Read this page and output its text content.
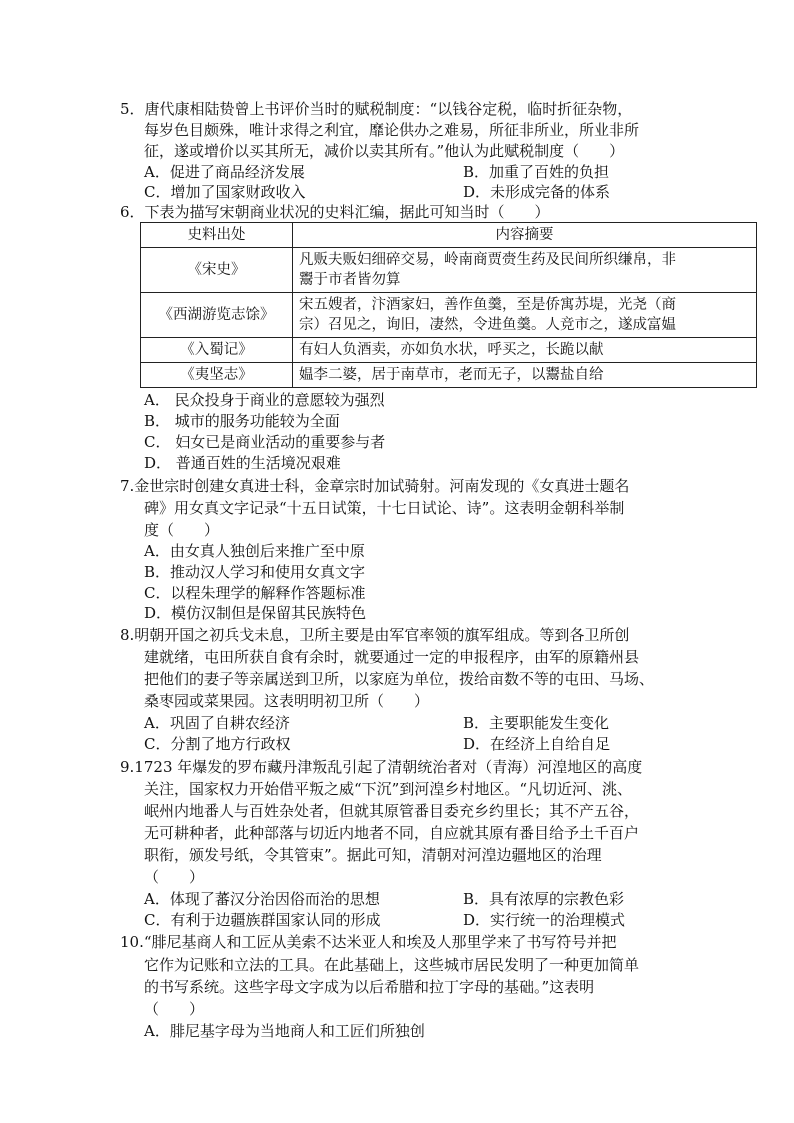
5．唐代康相陆贽曾上书评价当时的赋税制度：“以钱谷定税，临时折征杂物，
每岁色目颇殊，唯计求得之利宜，靡论供办之难易，所征非所业，所业非所
征，遂或增价以买其所无，减价以卖其所有。”他认为此赋税制度（　　）
A．促进了商品经济发展	B．加重了百姓的负担
C．增加了国家财政收入	D．未形成完备的体系
6．下表为描写宋朝商业状况的史料汇编，据此可知当时（　　）
史料出处	内容摘要
《宋史》	凡贩夫贩妇细碎交易，岭南商贾赍生药及民间所织缣帛，非
鬻于市者皆勿算

《西湖游览志馀》	宋五嫂者，汴酒家妇，善作鱼羹，至是侨寓苏堤，光尧（商
宗）召见之，询旧，凄然，令进鱼羹。人竞市之，遂成富媪

《入蜀记》	有妇人负酒卖，亦如负水状，呼买之，长跪以献
《夷坚志》	媪李二婆，居于南草市，老而无子，以鬻盐自给
A． 民众投身于商业的意愿较为强烈
B． 城市的服务功能较为全面
C． 妇女已是商业活动的重要参与者
D． 普通百姓的生活境况艰难
7.金世宗时创建女真进士科，金章宗时加试骑射。河南发现的《女真进士题名
碑》用女真文字记录“十五日试策，十七日试论、诗”。这表明金朝科举制
度（　　）
A．由女真人独创后来推广至中原
B．推动汉人学习和使用女真文字
C．以程朱理学的解释作答题标准
D．模仿汉制但是保留其民族特色
8.明朝开国之初兵戈未息，卫所主要是由军官率领的旗军组成。等到各卫所创
建就绪，屯田所获自食有余时，就要通过一定的申报程序，由军的原籍州县
把他们的妻子等亲属送到卫所，以家庭为单位，拨给亩数不等的屯田、马场、
桑枣园或菜果园。这表明明初卫所（　　）
A．巩固了自耕农经济	B．主要职能发生变化
C．分割了地方行政权	D．在经济上自给自足
9.1723 年爆发的罗布藏丹津叛乱引起了清朝统治者对（青海）河湟地区的高度
关注，国家权力开始借平叛之威“下沉”到河湟乡村地区。“凡切近河、洮、
岷州内地番人与百姓杂处者，但就其原管番目委充乡约里长；其不产五谷，
无可耕种者，此种部落与切近内地者不同，自应就其原有番目给予土千百户
职衔，颁发号纸，令其管束”。据此可知，清朝对河湟边疆地区的治理
（　　）
A．体现了蕃汉分治因俗而治的思想	B．具有浓厚的宗教色彩
C．有利于边疆族群国家认同的形成	D．实行统一的治理模式
10.“腓尼基商人和工匠从美索不达米亚人和埃及人那里学来了书写符号并把
它作为记账和立法的工具。在此基础上，这些城市居民发明了一种更加简单
的书写系统。这些字母文字成为以后希腊和拉丁字母的基础。”这表明
（　　）
A．腓尼基字母为当地商人和工匠们所独创
